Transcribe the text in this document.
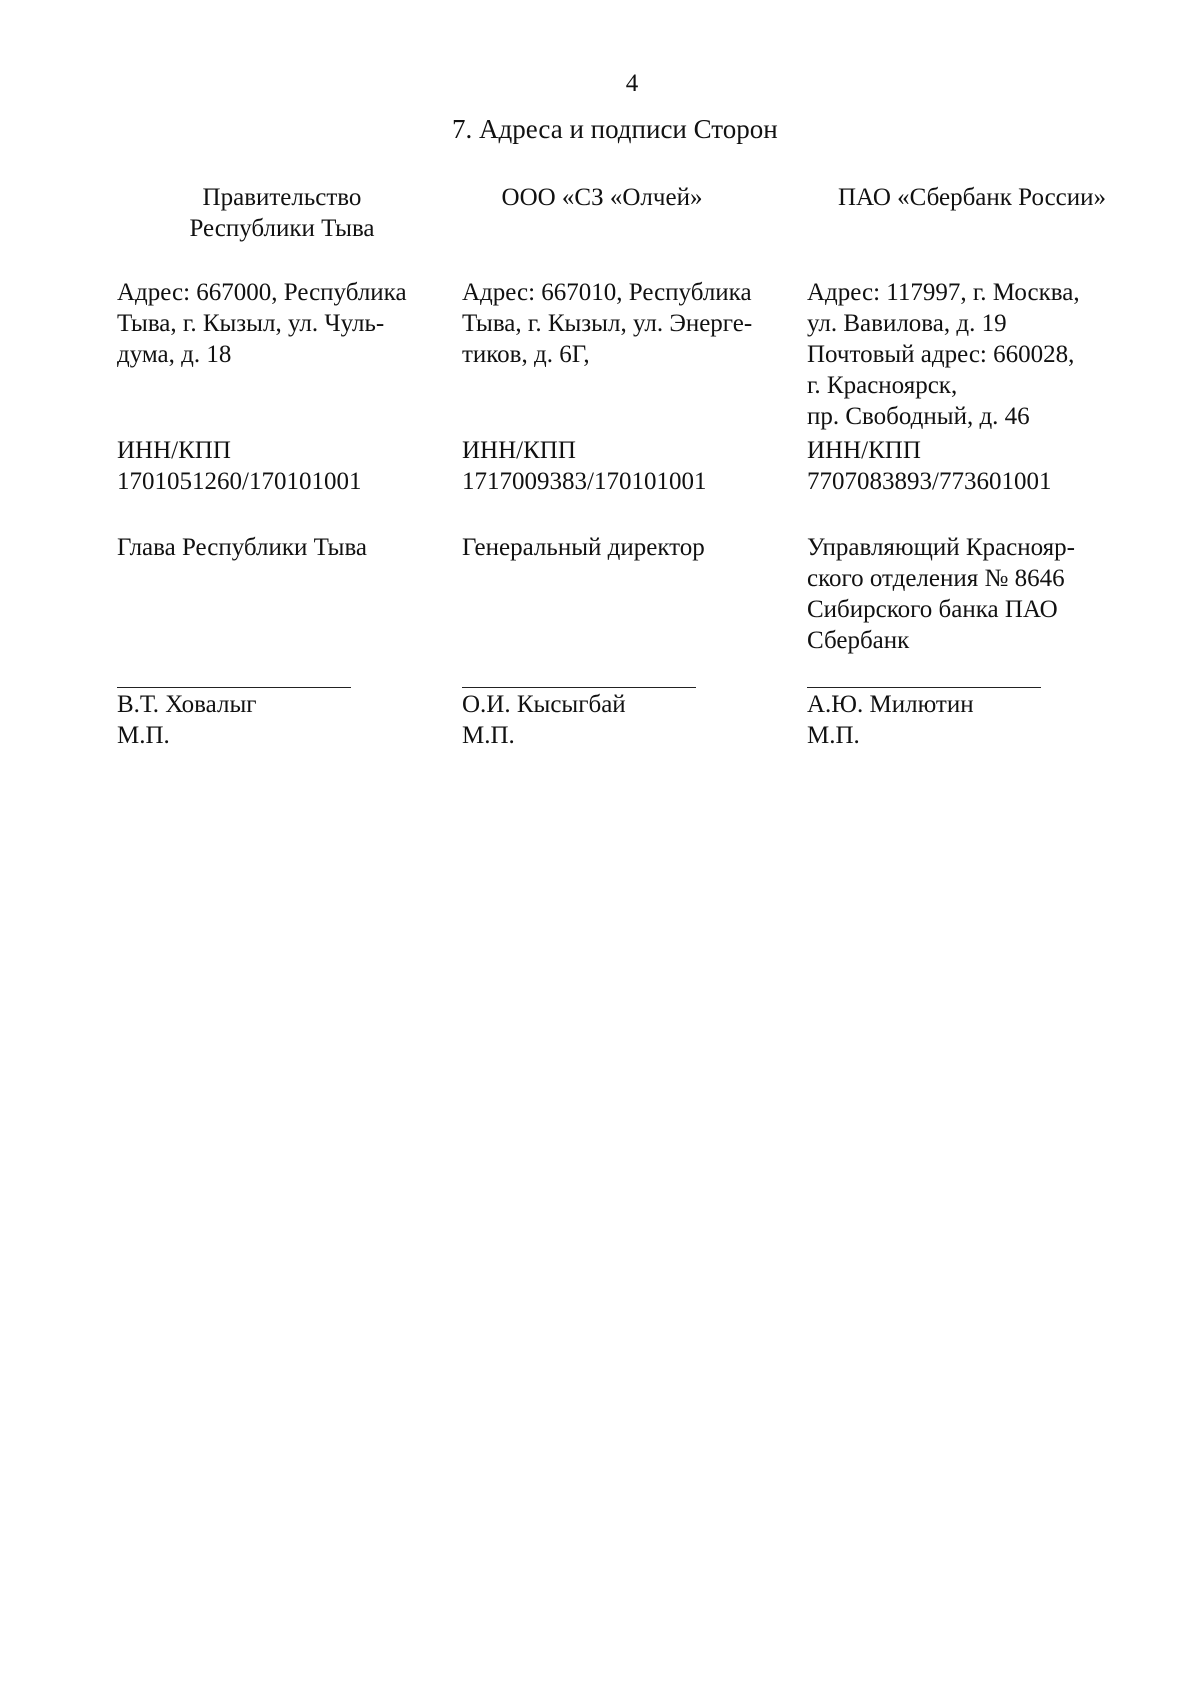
4
7. Адреса и подписи Сторон
Правительство
Республики Тыва
Адрес: 667000, Республика
Тыва, г. Кызыл, ул. Чуль-
дума, д. 18
ИНН/КПП
1701051260/170101001
Глава Республики Тыва
В.Т. Ховалыг
М.П.
ООО «СЗ «Олчей»
Адрес: 667010, Республика
Тыва, г. Кызыл, ул. Энерге-
тиков, д. 6Г,
ИНН/КПП
1717009383/170101001
Генеральный директор
О.И. Кысыгбай
М.П.
ПАО «Сбербанк России»
Адрес: 117997, г. Москва,
ул. Вавилова, д. 19
Почтовый адрес: 660028,
г. Красноярск,
пр. Свободный, д. 46
ИНН/КПП
7707083893/773601001
Управляющий Краснояр-
ского отделения № 8646
Сибирского банка ПАО
Сбербанк
А.Ю. Милютин
М.П.
